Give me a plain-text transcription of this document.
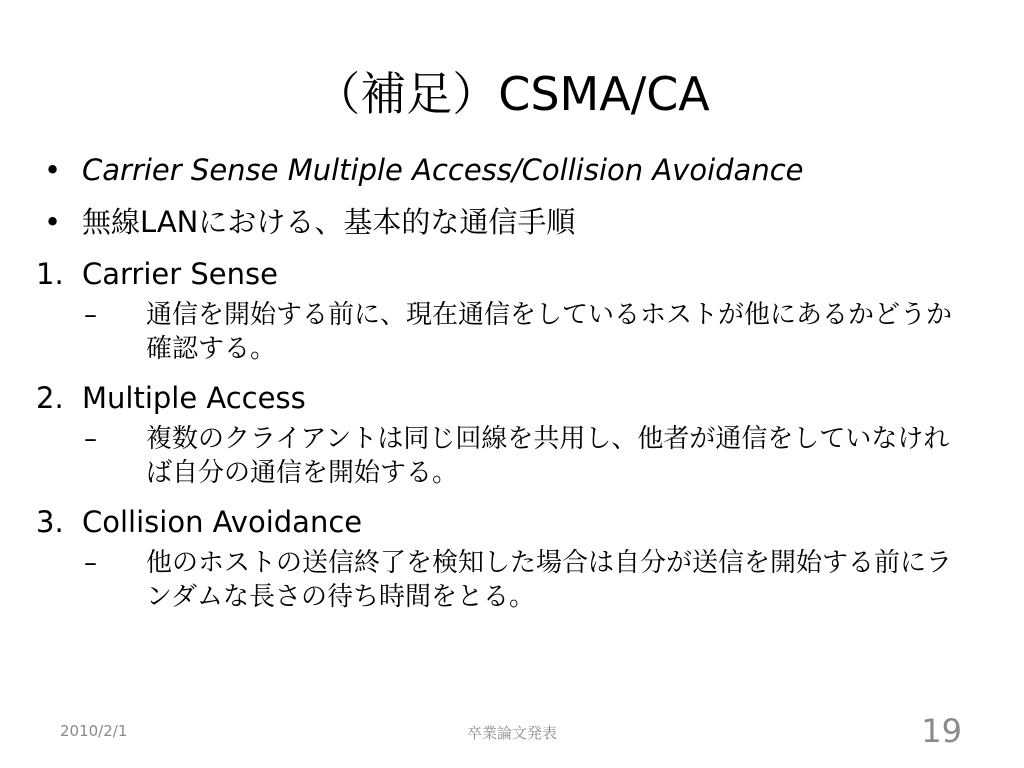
（補足）CSMA/CA
• Carrier Sense Multiple Access/Collision Avoidance
• 無線LANにおける、基本的な通信手順
1. Carrier Sense
– 通信を開始する前に、現在通信をしているホストが他にあるかどうか確認する。
2. Multiple Access
– 複数のクライアントは同じ回線を共用し、他者が通信をしていなければ自分の通信を開始する。
3. Collision Avoidance
– 他のホストの送信終了を検知した場合は自分が送信を開始する前にランダムな長さの待ち時間をとる。
2010/2/1	卒業論文発表	19
